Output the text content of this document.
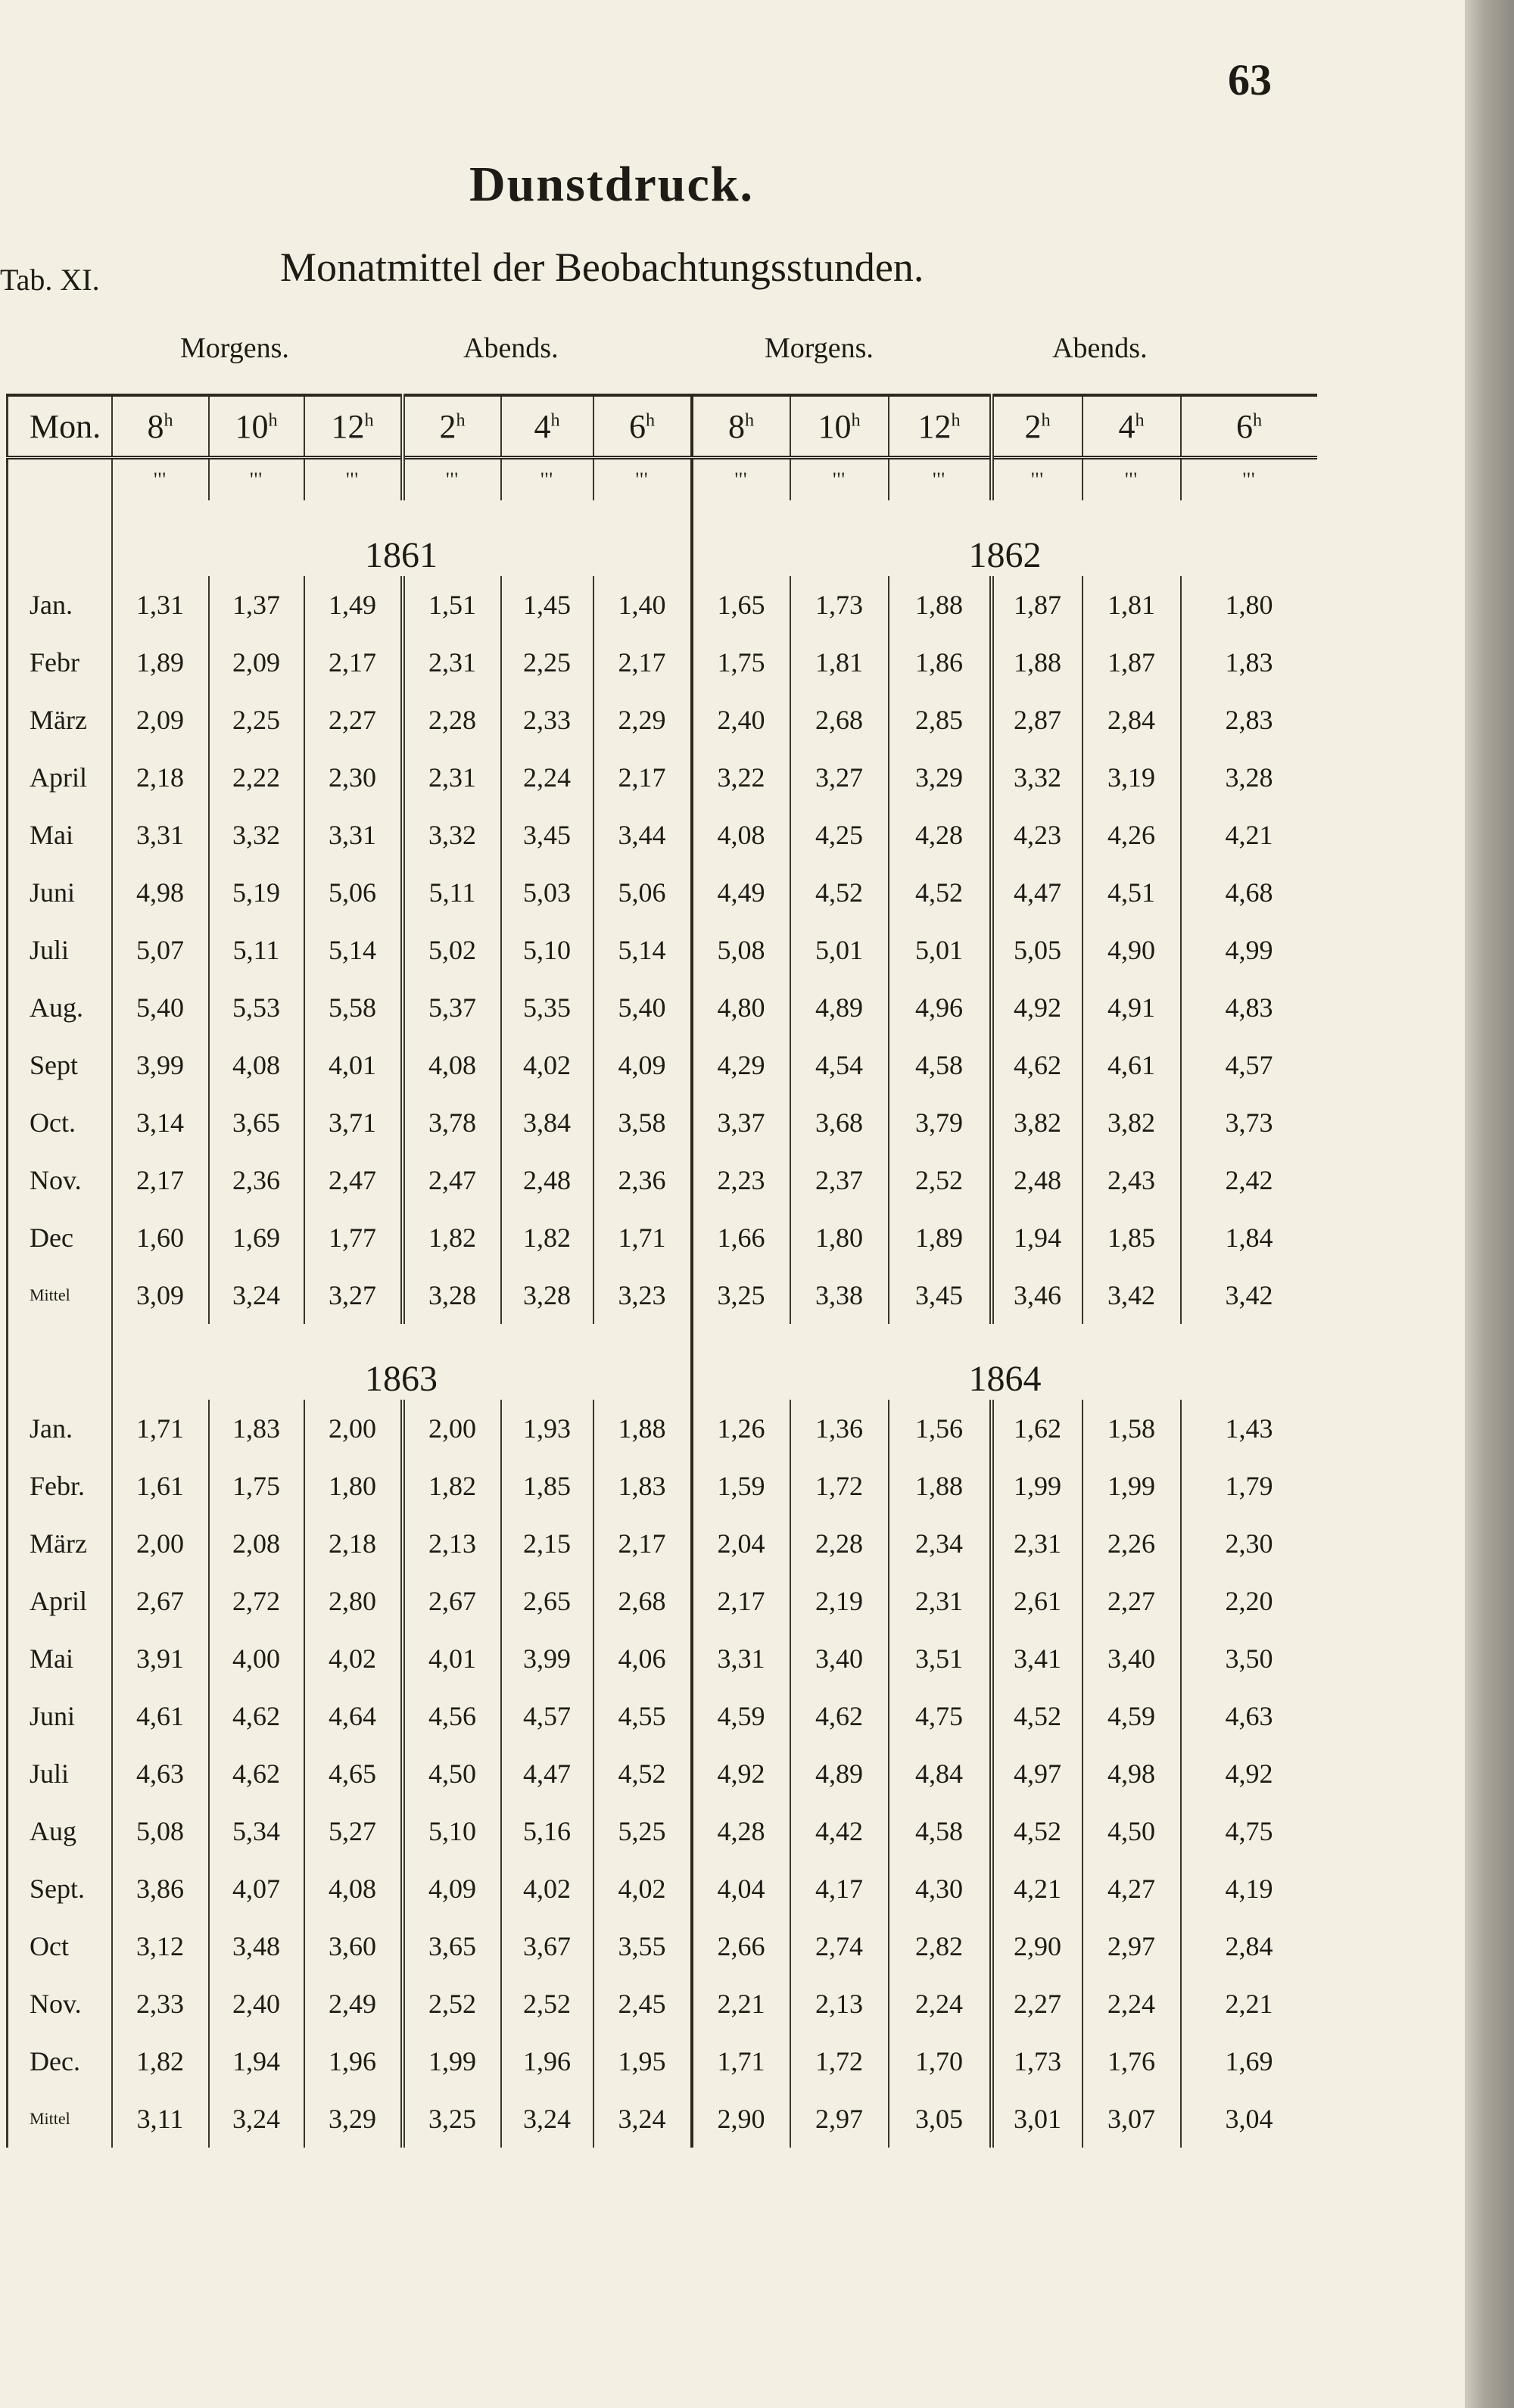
63
Dunstdruck.
Tab. XI.	Monatmittel der Beobachtungsstunden.
Morgens.	Abends.	Morgens.	Abends.
Mon.	8$^h$	10$^h$	12$^h$	2$^h$	4$^h$	6$^h$	8$^h$	10$^h$	12$^h$	2$^h$	4$^h$	6$^h$
	'''	'''	'''	'''	'''	'''	'''	'''	'''	'''	'''	'''
	1861						1862					
Jan.	1,31	1,37	1,49	1,51	1,45	1,40	1,65	1,73	1,88	1,87	1,81	1,80
Febr	1,89	2,09	2,17	2,31	2,25	2,17	1,75	1,81	1,86	1,88	1,87	1,83
März	2,09	2,25	2,27	2,28	2,33	2,29	2,40	2,68	2,85	2,87	2,84	2,83
April	2,18	2,22	2,30	2,31	2,24	2,17	3,22	3,27	3,29	3,32	3,19	3,28
Mai	3,31	3,32	3,31	3,32	3,45	3,44	4,08	4,25	4,28	4,23	4,26	4,21
Juni	4,98	5,19	5,06	5,11	5,03	5,06	4,49	4,52	4,52	4,47	4,51	4,68
Juli	5,07	5,11	5,14	5,02	5,10	5,14	5,08	5,01	5,01	5,05	4,90	4,99
Aug.	5,40	5,53	5,58	5,37	5,35	5,40	4,80	4,89	4,96	4,92	4,91	4,83
Sept	3,99	4,08	4,01	4,08	4,02	4,09	4,29	4,54	4,58	4,62	4,61	4,57
Oct.	3,14	3,65	3,71	3,78	3,84	3,58	3,37	3,68	3,79	3,82	3,82	3,73
Nov.	2,17	2,36	2,47	2,47	2,48	2,36	2,23	2,37	2,52	2,48	2,43	2,42
Dec	1,60	1,69	1,77	1,82	1,82	1,71	1,66	1,80	1,89	1,94	1,85	1,84
Mittel	3,09	3,24	3,27	3,28	3,28	3,23	3,25	3,38	3,45	3,46	3,42	3,42
	1863						1864					
Jan.	1,71	1,83	2,00	2,00	1,93	1,88	1,26	1,36	1,56	1,62	1,58	1,43
Febr.	1,61	1,75	1,80	1,82	1,85	1,83	1,59	1,72	1,88	1,99	1,99	1,79
März	2,00	2,08	2,18	2,13	2,15	2,17	2,04	2,28	2,34	2,31	2,26	2,30
April	2,67	2,72	2,80	2,67	2,65	2,68	2,17	2,19	2,31	2,61	2,27	2,20
Mai	3,91	4,00	4,02	4,01	3,99	4,06	3,31	3,40	3,51	3,41	3,40	3,50
Juni	4,61	4,62	4,64	4,56	4,57	4,55	4,59	4,62	4,75	4,52	4,59	4,63
Juli	4,63	4,62	4,65	4,50	4,47	4,52	4,92	4,89	4,84	4,97	4,98	4,92
Aug	5,08	5,34	5,27	5,10	5,16	5,25	4,28	4,42	4,58	4,52	4,50	4,75
Sept.	3,86	4,07	4,08	4,09	4,02	4,02	4,04	4,17	4,30	4,21	4,27	4,19
Oct	3,12	3,48	3,60	3,65	3,67	3,55	2,66	2,74	2,82	2,90	2,97	2,84
Nov.	2,33	2,40	2,49	2,52	2,52	2,45	2,21	2,13	2,24	2,27	2,24	2,21
Dec.	1,82	1,94	1,96	1,99	1,96	1,95	1,71	1,72	1,70	1,73	1,76	1,69
Mittel	3,11	3,24	3,29	3,25	3,24	3,24	2,90	2,97	3,05	3,01	3,07	3,04
